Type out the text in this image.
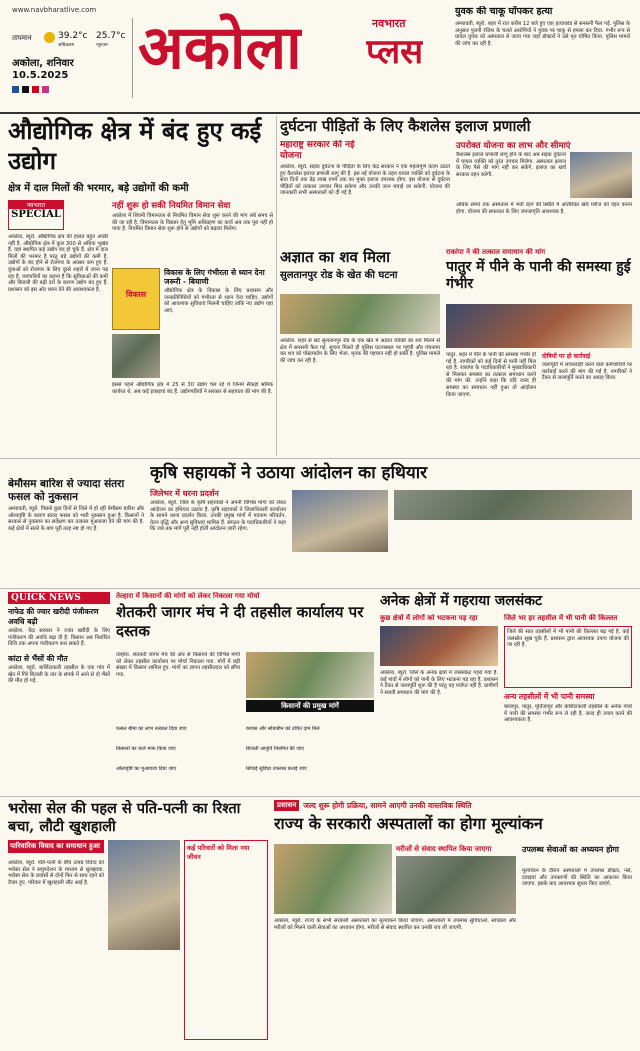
www.navbharatlive.com
तापमान	39.2°c 25.7°c
अधिकतम	न्यूनतम
अकोला, शनिवार
10.5.2025 अकोला	नवभारत
प्लस
युवक की चाकू घोंपकर हत्या
अमरावती, ब्यूरो. शहर में रात करीब 12 बजे हुए एक हत्याकांड से सनसनी फैल गई. पुलिस के अनुसार पुरानी रंजिश के चलते आरोपियों ने युवक पर चाकू से हमला कर दिया. गंभीर रूप से घायल युवक को अस्पताल ले जाया गया जहां डॉक्टरों ने उसे मृत घोषित किया. पुलिस मामले की जांच कर रही है.
औद्योगिक क्षेत्र में बंद हुए कई उद्योग
क्षेत्र में दाल मिलों की भरमार, बड़े उद्योगों की कमी
नवभारत
SPECIAL
अकोला, ब्यूरो. औद्योगिक क्षेत्र की हालत बहुत अच्छी नहीं है. औद्योगिक क्षेत्र में कुल 300 से अधिक भूखंड हैं. यहां स्थापित कई उद्योग बंद हो चुके हैं. क्षेत्र में दाल मिलों की भरमार है परंतु बड़े उद्योगों की कमी है. उद्योगों के बंद होने से रोजगार के अवसर कम हुए हैं. युवाओं को रोजगार के लिए दूसरे शहरों में जाना पड़ रहा है. व्यापारियों का कहना है कि सुविधाओं की कमी और बिजली की बढ़ी दरों के कारण उद्योग बंद हुए हैं. प्रशासन को इस ओर ध्यान देने की आवश्यकता है.
नहीं शुरू हो सकी नियमित विमान सेवा
अकोला में शिवनी विमानतल से नियमित विमान सेवा शुरू करने की मांग लंबे समय से की जा रही है. विमानतल के विस्तार हेतु भूमि अधिग्रहण का कार्य अब तक पूरा नहीं हो पाया है. नियमित विमान सेवा शुरू होने से उद्योगों को बढ़ावा मिलेगा.
विकास
विकास के लिए गंभीरता से ध्यान देना जरूरी - बियाणी
औद्योगिक क्षेत्र के विकास के लिए प्रशासन और जनप्रतिनिधियों को गंभीरता से ध्यान देना चाहिए. उद्योगों को आवश्यक सुविधाएं मिलनी चाहिए ताकि नए उद्योग यहां आएं.
इससे पहले औद्योगिक क्षेत्र में 25 से 30 उद्योग चल रहे थे जिनमें सैकड़ों श्रमिक कार्यरत थे. अब कई इकाइयां बंद हैं. उद्योगपतियों ने सरकार से सहायता की मांग की है.
दुर्घटना पीड़ितों के लिए कैशलेस इलाज प्रणाली
महाराष्ट्र सरकार की नई योजना
अकोला, ब्यूरो. सड़क दुर्घटना के पीड़ितों के लिए केंद्र सरकार ने एक महत्वपूर्ण कदम उठाते हुए कैशलेस इलाज प्रणाली लागू की है. इस नई योजना के तहत घायल व्यक्ति को दुर्घटना के सात दिनों तक डेढ़ लाख रुपये तक का मुफ्त इलाज उपलब्ध होगा. इस योजना से दुर्घटना पीड़ितों को तत्काल उपचार मिल सकेगा और उनकी जान बचाई जा सकेगी. योजना की जानकारी सभी अस्पतालों को दी गई है.
उपरोक्त योजना का लाभ और सीमाएं
कैशलेस इलाज प्रणाली लागू होने के बाद अब सड़क दुर्घटना में घायल व्यक्ति को तुरंत उपचार मिलेगा. अस्पताल इलाज के लिए पैसे की मांग नहीं कर सकेंगे. इलाज का खर्च सरकार वहन करेगी.
अधिक समय तक अस्पताल में भर्ती रहने की स्थिति में अतिरिक्त खर्च मरीज को वहन करना होगा. योजना की सफलता के लिए जनजागृति आवश्यक है.
अज्ञात का शव मिला
सुलतानपुर रोड के खेत की घटना
अकोला. शहर से सटे सुलतानपुर रोड के एक खेत में अज्ञात व्यक्ति का शव मिलने से क्षेत्र में सनसनी फैल गई. सूचना मिलते ही पुलिस घटनास्थल पर पहुंची और पंचनामा कर शव को पोस्टमार्टम के लिए भेजा. मृतक की पहचान नहीं हो सकी है. पुलिस मामले की जांच कर रही है.
राकांपा ने की तत्काल समाधान की मांग
पातुर में पीने के पानी की समस्या हुई गंभीर
पातुर. शहर में पीने के पानी की समस्या गंभीर हो गई है. नागरिकों को कई दिनों से पानी नहीं मिल रहा है. राकांपा के पदाधिकारियों ने मुख्याधिकारी से मिलकर समस्या का तत्काल समाधान करने की मांग की. उन्होंने कहा कि यदि जल्द ही समस्या का समाधान नहीं हुआ तो आंदोलन किया जाएगा.
दोषियों पर हो कार्रवाई
जलापूर्ति में लापरवाही करने वाले कर्मचारियों पर कार्रवाई करने की मांग की गई है. नागरिकों ने टैंकर से जलापूर्ति करने का आग्रह किया.
बेमौसम बारिश से ज्यादा संतरा फसल को नुकसान
अमरावती, ब्यूरो. पिछले कुछ दिनों से जिले में हो रही बेमौसम बारिश और ओलावृष्टि के कारण संतरा फसल को भारी नुकसान हुआ है. किसानों ने सरकार से नुकसान का सर्वेक्षण कर तत्काल मुआवजा देने की मांग की है. कई क्षेत्रों में संतरे के बाग पूरी तरह नष्ट हो गए हैं.
कृषि सहायकों ने उठाया आंदोलन का हथियार
जिलेभर में धरना प्रदर्शन
अकोला, ब्यूरो. जिले के कृषि सहायकों ने अपनी विभिन्न मांगों को लेकर आंदोलन का हथियार उठाया है. कृषि सहायकों ने जिलाधिकारी कार्यालय के सामने धरना प्रदर्शन किया. उनकी प्रमुख मांगों में पदनाम परिवर्तन, वेतन वृद्धि और अन्य सुविधाएं शामिल हैं. संगठन के पदाधिकारियों ने कहा कि जब तक मांगें पूरी नहीं होतीं आंदोलन जारी रहेगा.
QUICK NEWS
नाफेड की ज्वार खरीदी पंजीकरण अवधि बढ़ी
अकोला. केंद्र सरकार ने ज्वार खरीदी के लिए पंजीकरण की अवधि बढ़ा दी है. किसान अब निर्धारित तिथि तक अपना पंजीकरण करा सकते हैं.
कांटा से भैंसों की मौत
अकोला, ब्यूरो. बार्शिटाकली तहसील के एक गांव में खेत में गिरे बिजली के तार के संपर्क में आने से दो भैंसों की मौत हो गई.
तेल्हारा में किसानों की मांगों को लेकर निकाला गया मोर्चा
शेतकरी जागर मंच ने दी तहसील कार्यालय पर दस्तक
तेल्हारा. शेतकरी जागर मंच की ओर से किसानों की विभिन्न मांगों को लेकर तहसील कार्यालय पर मोर्चा निकाला गया. मोर्चे में बड़ी संख्या में किसान शामिल हुए. मांगों का ज्ञापन तहसीलदार को सौंपा गया.
किसानों की प्रमुख मांगें
फसल बीमा का लाभ तत्काल दिया जाए	कपास और सोयाबीन को उचित दाम मिले
किसानों का कर्ज माफ किया जाए	बिजली आपूर्ति नियमित की जाए
ओलावृष्टि का मुआवजा दिया जाए	सिंचाई सुविधा उपलब्ध कराई जाए
अनेक क्षेत्रों में गहराया जलसंकट
कुछ क्षेत्रों में लोगों को भटकना पड़ रहा	जिले भर हर तहसील में भी पानी की किल्लत
अकोला, ब्यूरो. जिले के अनेक क्षेत्रों में जलसंकट गहरा गया है. कई गांवों में लोगों को पानी के लिए भटकना पड़ रहा है. प्रशासन ने टैंकर से जलापूर्ति शुरू की है परंतु वह पर्याप्त नहीं है. ग्रामीणों ने स्थायी समाधान की मांग की है.
जिले की सात तहसीलों में भी पानी की किल्लत बढ़ गई है. कई जलस्रोत सूख चुके हैं. प्रशासन द्वारा आवश्यक उपाय योजना की जा रही है.
अन्य तहसीलों में भी पानी समस्या
बालापुर, पातुर, मूर्तिजापुर और बार्शिटाकली तहसील के अनेक गांवों में पानी की समस्या गंभीर रूप ले रही है. जल्द ही उपाय करने की आवश्यकता है.
भरोसा सेल की पहल से पति-पत्नी का रिश्ता बचा, लौटी खुशहाली
पारिवारिक विवाद का समाधान हुआ
अकोला, ब्यूरो. पति-पत्नी के बीच उत्पन्न विवाद को भरोसा सेल ने समुपदेशन के माध्यम से सुलझाया. भरोसा सेल के प्रयासों से दोनों फिर से साथ रहने को तैयार हुए. परिवार में खुशहाली लौट आई है.
कई परिवारों को मिला नया जीवन
प्रशासन जल्द शुरू होगी प्रक्रिया, सामने आएगी उनकी वास्तविक स्थिति
राज्य के सरकारी अस्पतालों का होगा मूल्यांकन
मरीजों से संवाद स्थापित किया जाएगा
अकोला, ब्यूरो. राज्य के सभी सरकारी अस्पतालों का मूल्यांकन किया जाएगा. अस्पतालों में उपलब्ध सुविधाओं, स्वच्छता और मरीजों को मिलने वाली सेवाओं का अध्ययन होगा. मरीजों से संवाद स्थापित कर उनकी राय ली जाएगी.
उपलब्ध सेवाओं का अध्ययन होगा
मूल्यांकन के दौरान अस्पतालों में उपलब्ध डॉक्टर, नर्स, दवाइयां और उपकरणों की स्थिति का आकलन किया जाएगा. इसके बाद आवश्यक सुधार किए जाएंगे.
